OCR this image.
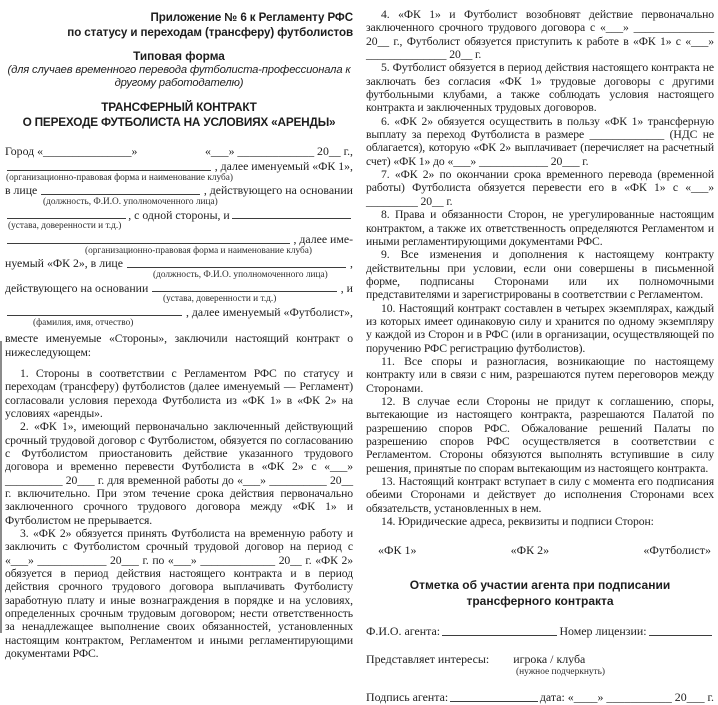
Приложение № 6 к Регламенту РФС
по статусу и переходам (трансферу) футболистов
Типовая форма
(для случаев временного перевода футболиста-профессионала к другому работодателю)
ТРАНСФЕРНЫЙ КОНТРАКТ
О ПЕРЕХОДЕ ФУТБОЛИСТА НА УСЛОВИЯХ «АРЕНДЫ»
Город «_______________»	«___» _____________ 20__ г.,
, далее именуемый «ФК 1»,
(организационно-правовая форма и наименование клуба)
в лице	, действующего на основании
(должность, Ф.И.О. уполномоченного лица)
, с одной стороны, и
(устава, доверенности и т.д.)
, далее име-
(организационно-правовая форма и наименование клуба)
нуемый «ФК 2», в лице	,
(должность, Ф.И.О. уполномоченного лица)
действующего на основании	, и
(устава, доверенности и т.д.)
, далее именуемый «Футболист»,
(фамилия, имя, отчество)

вместе именуемые «Стороны», заключили настоящий контракт о нижеследующем:

1. Стороны в соответствии с Регламентом РФС по статусу и переходам (трансферу) футболистов (далее именуемый — Регламент) согласовали условия перехода Футболиста из «ФК 1» в «ФК 2» на условиях «аренды».

2. «ФК 1», имеющий первоначально заключенный действующий срочный трудовой договор с Футболистом, обязуется по согласованию с Футболистом приостановить действие указанного трудового договора и временно перевести Футболиста в «ФК 2» с «___» __________ 20___ г. для временной работы до «___» __________ 20__ г. включительно. При этом течение срока действия первоначально заключенного срочного трудового договора между «ФК 1» и Футболистом не прерывается.

3. «ФК 2» обязуется принять Футболиста на временную работу и заключить с Футболистом срочный трудовой договор на период с «___» ____________ 20___ г. по «___» _____________ 20__ г. «ФК 2» обязуется в период действия настоящего контракта и в период действия срочного трудового договора выплачивать Футболисту заработную плату и иные вознаграждения в порядке и на условиях, определенных срочным трудовым договором; нести ответственность за ненадлежащее выполнение своих обязанностей, установленных настоящим контрактом, Регламентом и иными регламентирующими документами РФС.

4. «ФК 1» и Футболист возобновят действие первоначально заключенного срочного трудового договора с «___» ______________ 20__ г., Футболист обязуется приступить к работе в «ФК 1» с «___» ______________ 20__ г.

5. Футболист обязуется в период действия настоящего контракта не заключать без согласия «ФК 1» трудовые договоры с другими футбольными клубами, а также соблюдать условия настоящего контракта и заключенных трудовых договоров.

6. «ФК 2» обязуется осуществить в пользу «ФК 1» трансферную выплату за переход Футболиста в размере _____________ (НДС не облагается), которую «ФК 2» выплачивает (перечисляет на расчетный счет) «ФК 1» до «___» ____________ 20___ г.

7. «ФК 2» по окончании срока временного перевода (временной работы) Футболиста обязуется перевести его в «ФК 1» с «___» _________ 20__ г.

8. Права и обязанности Сторон, не урегулированные настоящим контрактом, а также их ответственность определяются Регламентом и иными регламентирующими документами РФС.

9. Все изменения и дополнения к настоящему контракту действительны при условии, если они совершены в письменной форме, подписаны Сторонами или их полномочными представителями и зарегистрированы в соответствии с Регламентом.

10. Настоящий контракт составлен в четырех экземплярах, каждый из которых имеет одинаковую силу и хранится по одному экземпляру у каждой из Сторон и в РФС (или в организации, осуществляющей по поручению РФС регистрацию футболистов).

11. Все споры и разногласия, возникающие по настоящему контракту или в связи с ним, разрешаются путем переговоров между Сторонами.

12. В случае если Стороны не придут к соглашению, споры, вытекающие из настоящего контракта, разрешаются Палатой по разрешению споров РФС. Обжалование решений Палаты по разрешению споров РФС осуществляется в соответствии с Регламентом. Стороны обязуются выполнять вступившие в силу решения, принятые по спорам вытекающим из настоящего контракта.

13. Настоящий контракт вступает в силу с момента его подписания обеими Сторонами и действует до исполнения Сторонами всех обязательств, установленных в нем.

14. Юридические адреса, реквизиты и подписи Сторон:

«ФК 1»	«ФК 2»	«Футболист»
Отметка об участии агента при подписании
трансферного контракта
Ф.И.О. агента:	Номер лицензии:
Представляет интересы: игрока / клуба
(нужное подчеркнуть)
Подпись агента:	дата: «____» ___________ 20___ г.
